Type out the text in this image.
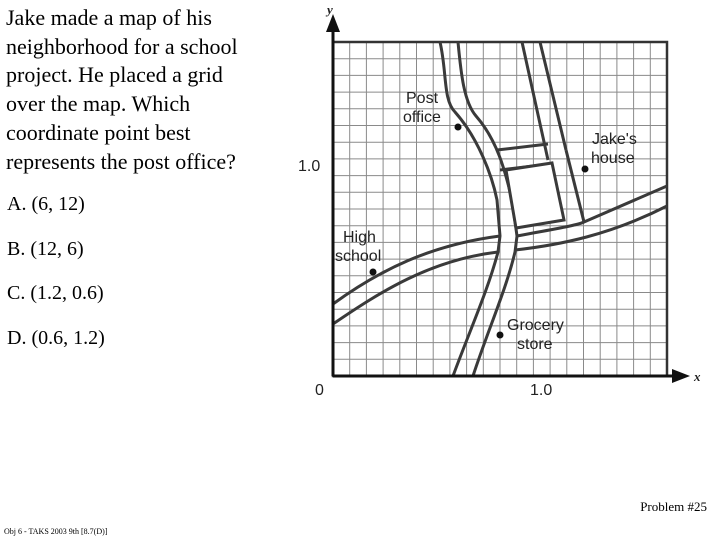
Jake made a map of his
neighborhood for a school
project. He placed a grid
over the map. Which
coordinate point best
represents the post office?
A. (6, 12)
B. (12, 6)
C. (1.2, 0.6)
D. (0.6, 1.2)
y
x
0	1.0
1.0
Post
office
Jake's
house
High
school
Grocery
store
Problem #25
Obj 6 - TAKS 2003 9th [8.7(D)]
